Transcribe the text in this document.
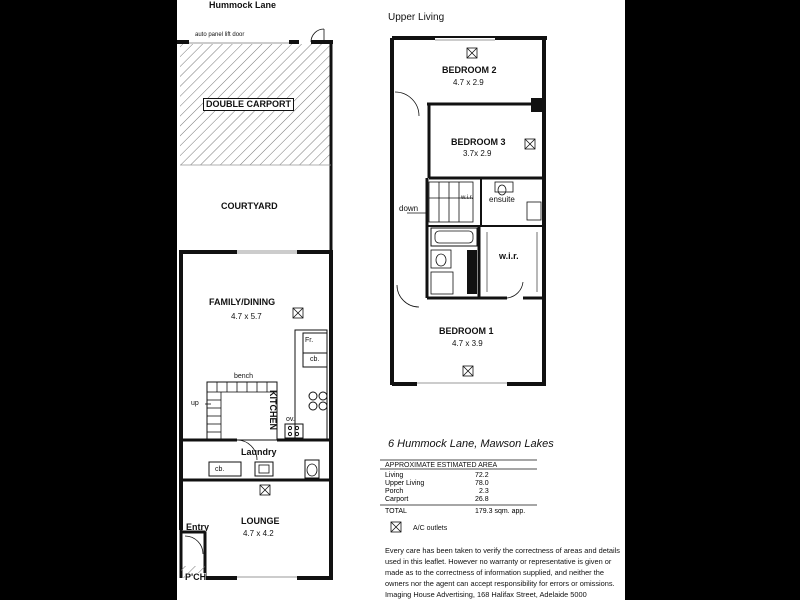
Hummock Lane
auto panel lift door
DOUBLE CARPORT
COURTYARD
FAMILY/DINING
4.7 x 5.7
Fr.
cb.
KITCHEN
bench
ov.
up
Laundry
cb.
LOUNGE
4.7 x 4.2
Entry
P'CH
Upper Living
BEDROOM 2
4.7 x 2.9
BEDROOM 3
3.7x 2.9
ensuite
w.i.r.
down
w.i.r.
BEDROOM 1
4.7 x 3.9
6 Hummock Lane, Mawson Lakes
APPROXIMATE ESTIMATED AREA
Living	72.2
Upper Living	78.0
Porch	2.3
Carport	26.8
TOTAL	179.3 sqm. app.
A/C outlets
Every care has been taken to verify the correctness of areas and details
used in this leaflet. However no warranty or representative is given or
made as to the correctness of information supplied, and neither the
owners nor the agent can accept responsibility for errors or omissions.
Imaging House Advertising, 168 Halifax Street, Adelaide 5000
